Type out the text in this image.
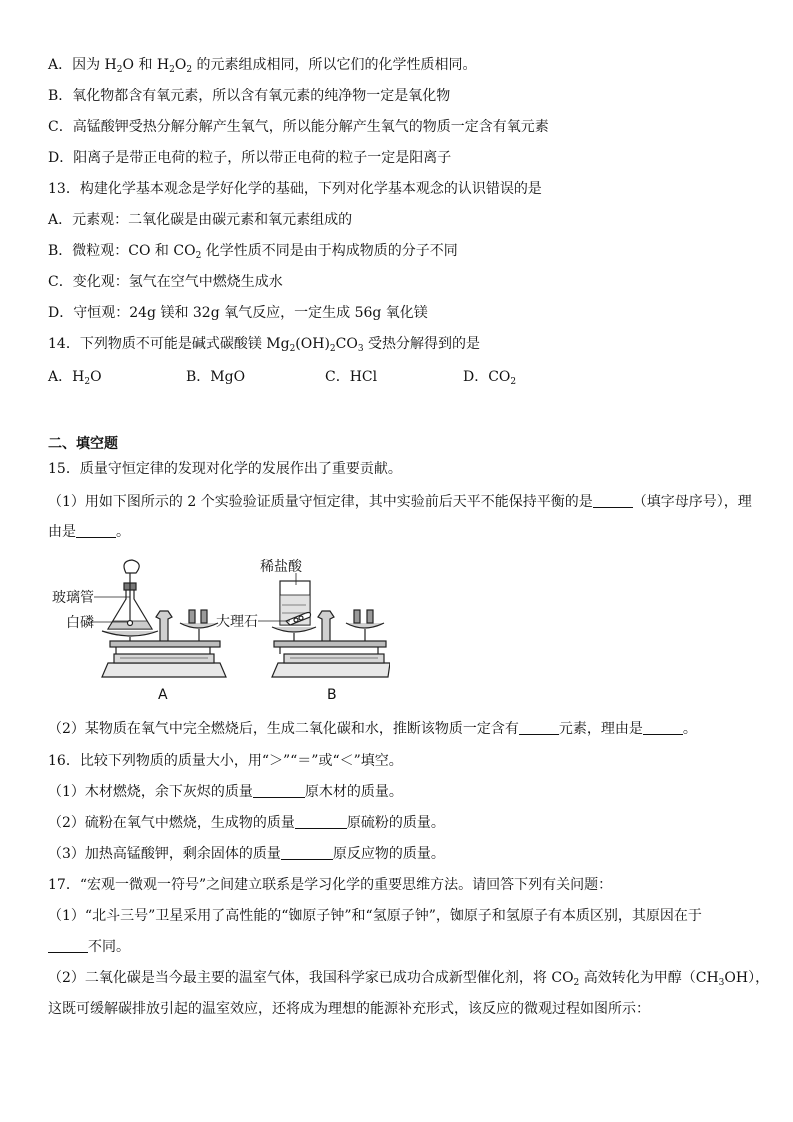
A．因为 $H_2O$ 和 $H_2O_2$ 的元素组成相同，所以它们的化学性质相同。
B．氧化物都含有氧元素，所以含有氧元素的纯净物一定是氧化物
C．高锰酸钾受热分解分解产生氧气，所以能分解产生氧气的物质一定含有氧元素
D．阳离子是带正电荷的粒子，所以带正电荷的粒子一定是阳离子
13．构建化学基本观念是学好化学的基础，下列对化学基本观念的认识错误的是
A．元素观：二氧化碳是由碳元素和氧元素组成的
B．微粒观：CO 和 $CO_2$ 化学性质不同是由于构成物质的分子不同
C．变化观：氢气在空气中燃烧生成水
D．守恒观：24g 镁和 32g 氧气反应，一定生成 56g 氧化镁
14．下列物质不可能是碱式碳酸镁 $Mg_2(OH)_2CO_3$ 受热分解得到的是
A．$H_2O$	B．MgO	C．HCl	D．$CO_2$
二、填空题
15．质量守恒定律的发现对化学的发展作出了重要贡献。
（1）用如下图所示的 2 个实验验证质量守恒定律，其中实验前后天平不能保持平衡的是	（填字母序号），理
由是	。
玻璃管
白磷
A
稀盐酸
大理石
B
（2）某物质在氧气中完全燃烧后，生成二氧化碳和水，推断该物质一定含有	元素，理由是	。
16．比较下列物质的质量大小，用“＞”“＝”或“＜”填空。
（1）木材燃烧，余下灰烬的质量	原木材的质量。
（2）硫粉在氧气中燃烧，生成物的质量	原硫粉的质量。
（3）加热高锰酸钾，剩余固体的质量	原反应物的质量。
17．“宏观一微观一符号”之间建立联系是学习化学的重要思维方法。请回答下列有关问题：
（1）“北斗三号”卫星采用了高性能的“铷原子钟”和“氢原子钟”，铷原子和氢原子有本质区别，其原因在于
不同。
（2）二氧化碳是当今最主要的温室气体，我国科学家已成功合成新型催化剂，将 $CO_2$ 高效转化为甲醇$(CH_3OH)$，
这既可缓解碳排放引起的温室效应，还将成为理想的能源补充形式，该反应的微观过程如图所示：
